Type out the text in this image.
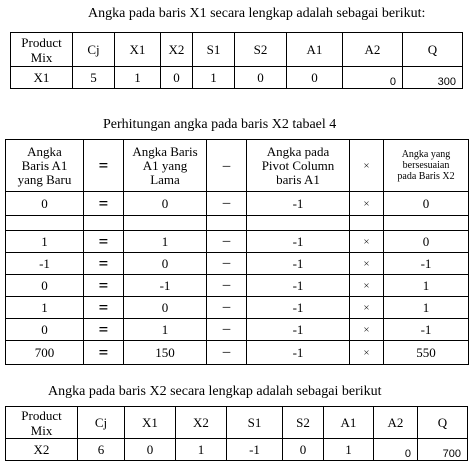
Angka pada baris X1 secara lengkap adalah sebagai berikut:
Product
Mix	Cj	X1	X2	S1	S2	A1	A2	Q
X1	5	1	0	1	0	0	0	300
Perhitungan angka pada baris X2 tabael 4
Angka
Baris A1
yang Baru	=	Angka Baris
A1 yang
Lama	–	Angka pada
Pivot Column
baris A1	×	Angka yang
bersesuaian
pada Baris X2
0	=	0	–	-1	×	0

1	=	1	–	-1	×	0
-1	=	0	–	-1	×	-1
0	=	-1	–	-1	×	1
1	=	0	–	-1	×	1
0	=	1	–	-1	×	-1
700	=	150	–	-1	×	550
Angka pada baris X2 secara lengkap adalah sebagai berikut
Product
Mix	Cj	X1	X2	S1	S2	A1	A2	Q
X2	6	0	1	-1	0	1	0	700
